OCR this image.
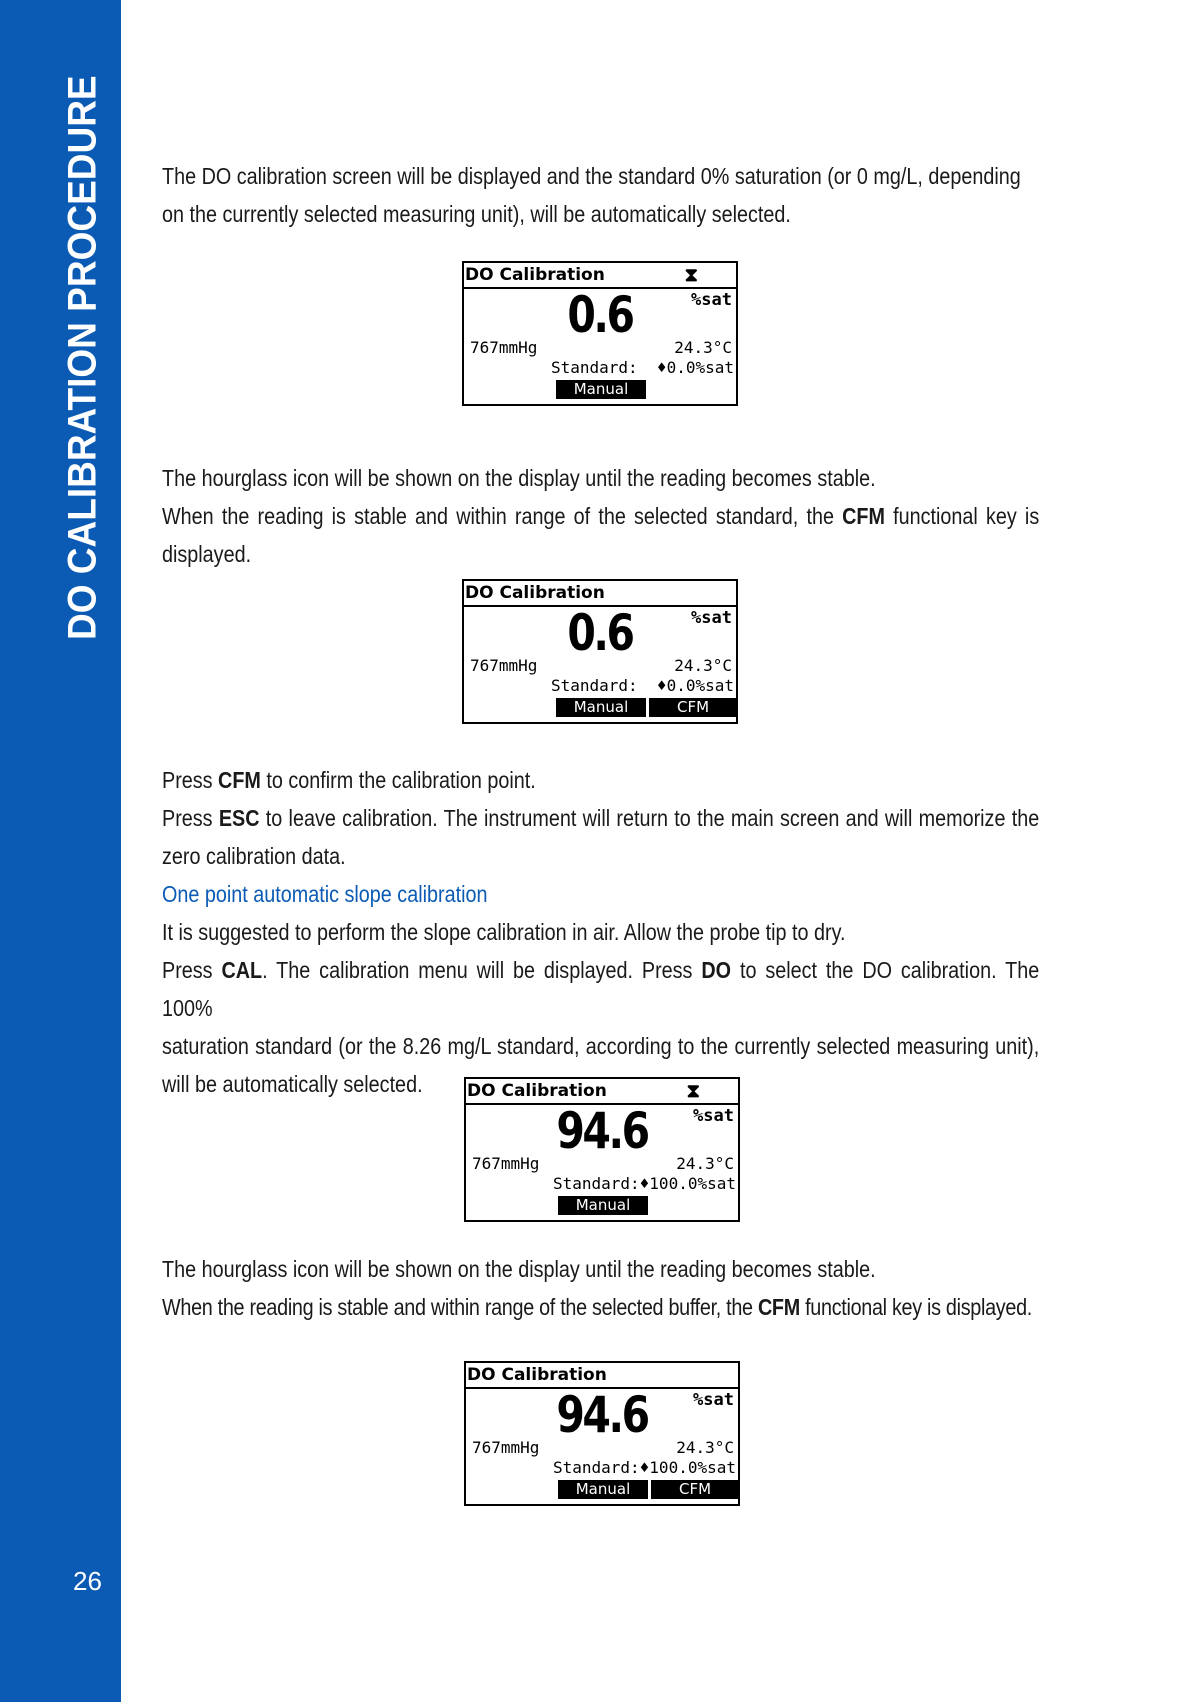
DO CALIBRATION PROCEDURE
26
The DO calibration screen will be displayed and the standard 0% saturation (or 0 mg/L, depending
on the currently selected measuring unit), will be automatically selected.
DO Calibration	⧗
0.6	%sat
767mmHg	24.3°C
Standard:  ♦0.0%sat
Manual
The hourglass icon will be shown on the display until the reading becomes stable.
When the reading is stable and within range of the selected standard, the CFM functional key is
displayed.
DO Calibration
0.6	%sat
767mmHg	24.3°C
Standard:  ♦0.0%sat
Manual	CFM
Press CFM to confirm the calibration point.
Press ESC to leave calibration. The instrument will return to the main screen and will memorize the
zero calibration data.
One point automatic slope calibration
It is suggested to perform the slope calibration in air. Allow the probe tip to dry.
Press CAL. The calibration menu will be displayed. Press DO to select the DO calibration. The 100%
saturation standard (or the 8.26 mg/L standard, according to the currently selected measuring unit),
will be automatically selected.	DO Calibration	⧗
94.6	%sat
767mmHg	24.3°C
Standard:♦100.0%sat
Manual
The hourglass icon will be shown on the display until the reading becomes stable.
When the reading is stable and within range of the selected buffer, the CFM functional key is displayed.
DO Calibration
94.6	%sat
767mmHg	24.3°C
Standard:♦100.0%sat
Manual	CFM
